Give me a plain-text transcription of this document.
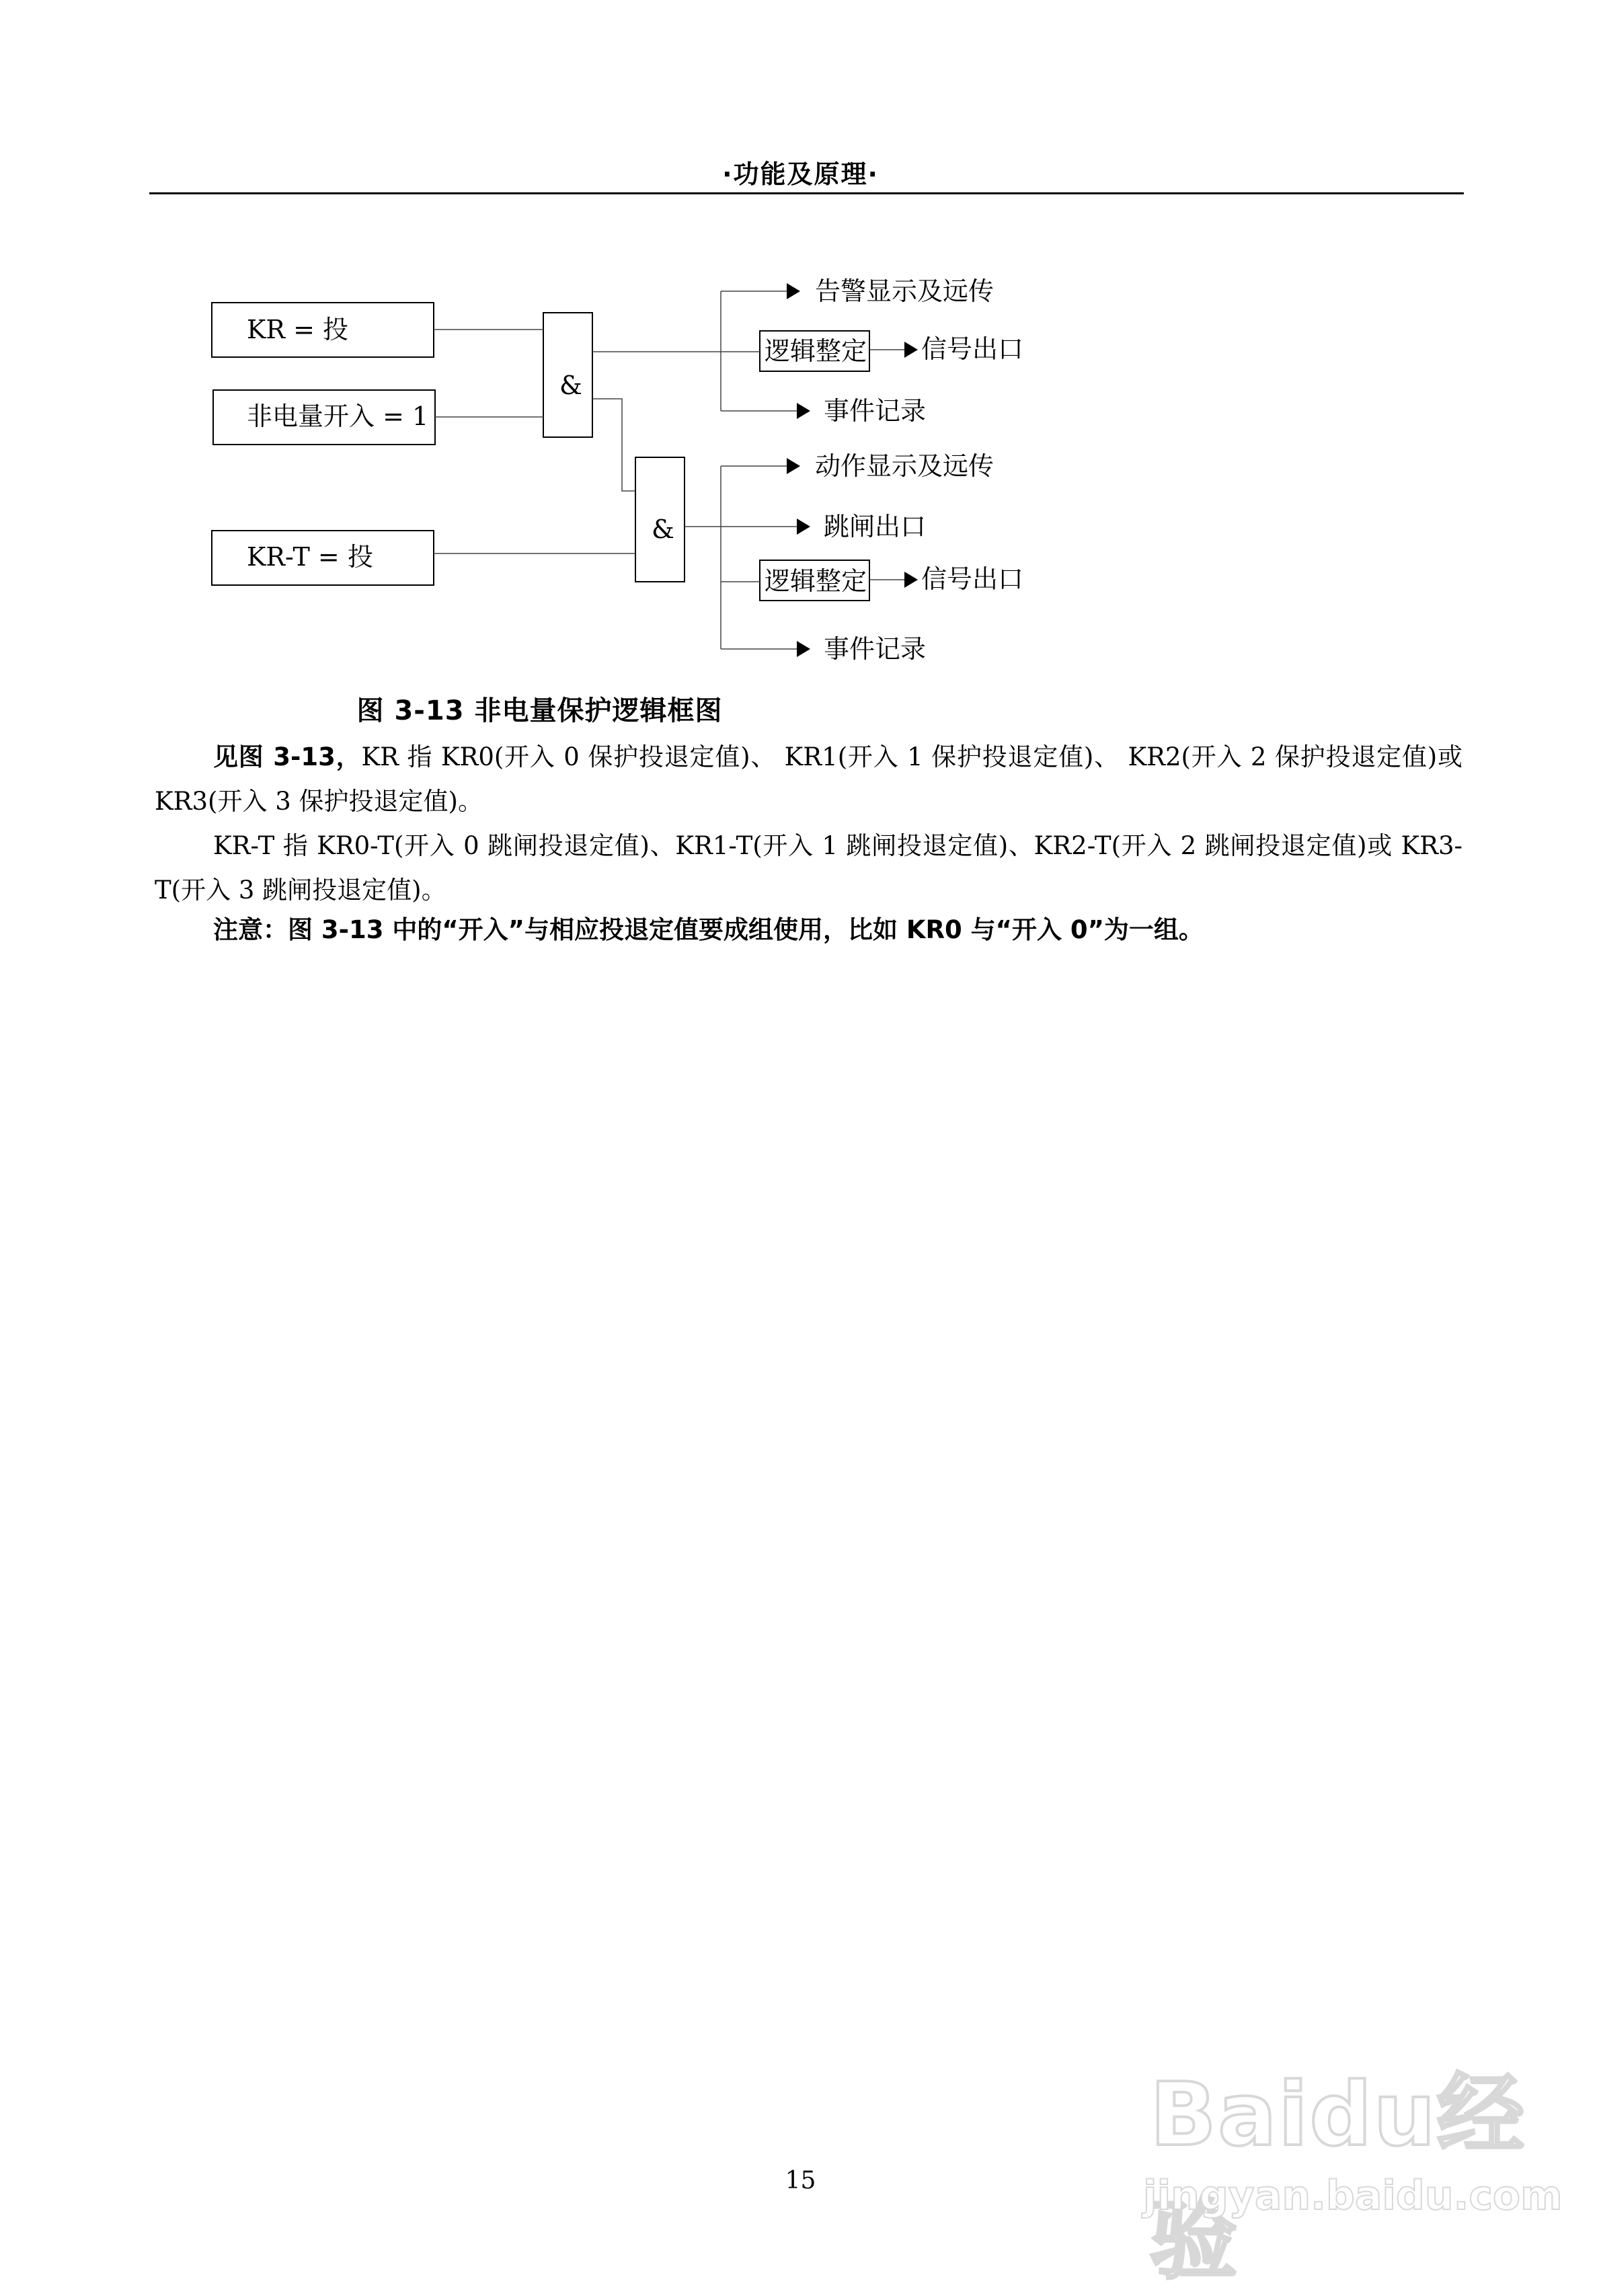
·功能及原理·
KR = 投
非电量开入 = 1
KR-T = 投
&
&
告警显示及远传
逻辑整定 信号出口
事件记录
动作显示及远传
跳闸出口
逻辑整定 信号出口
事件记录
图 3-13 非电量保护逻辑框图

见图 3-13，KR 指 KR0(开入 0 保护投退定值)、 KR1(开入 1 保护投退定值)、 KR2(开入 2 保护投退定值)或 KR3(开入 3 保护投退定值)。

KR-T 指 KR0-T(开入 0 跳闸投退定值)、KR1-T(开入 1 跳闸投退定值)、KR2-T(开入 2 跳闸投退定值)或 KR3-T(开入 3 跳闸投退定值)。

注意：图 3-13 中的“开入”与相应投退定值要成组使用，比如 KR0 与“开入 0”为一组。

15
Baidu经验
jingyan.baidu.com
